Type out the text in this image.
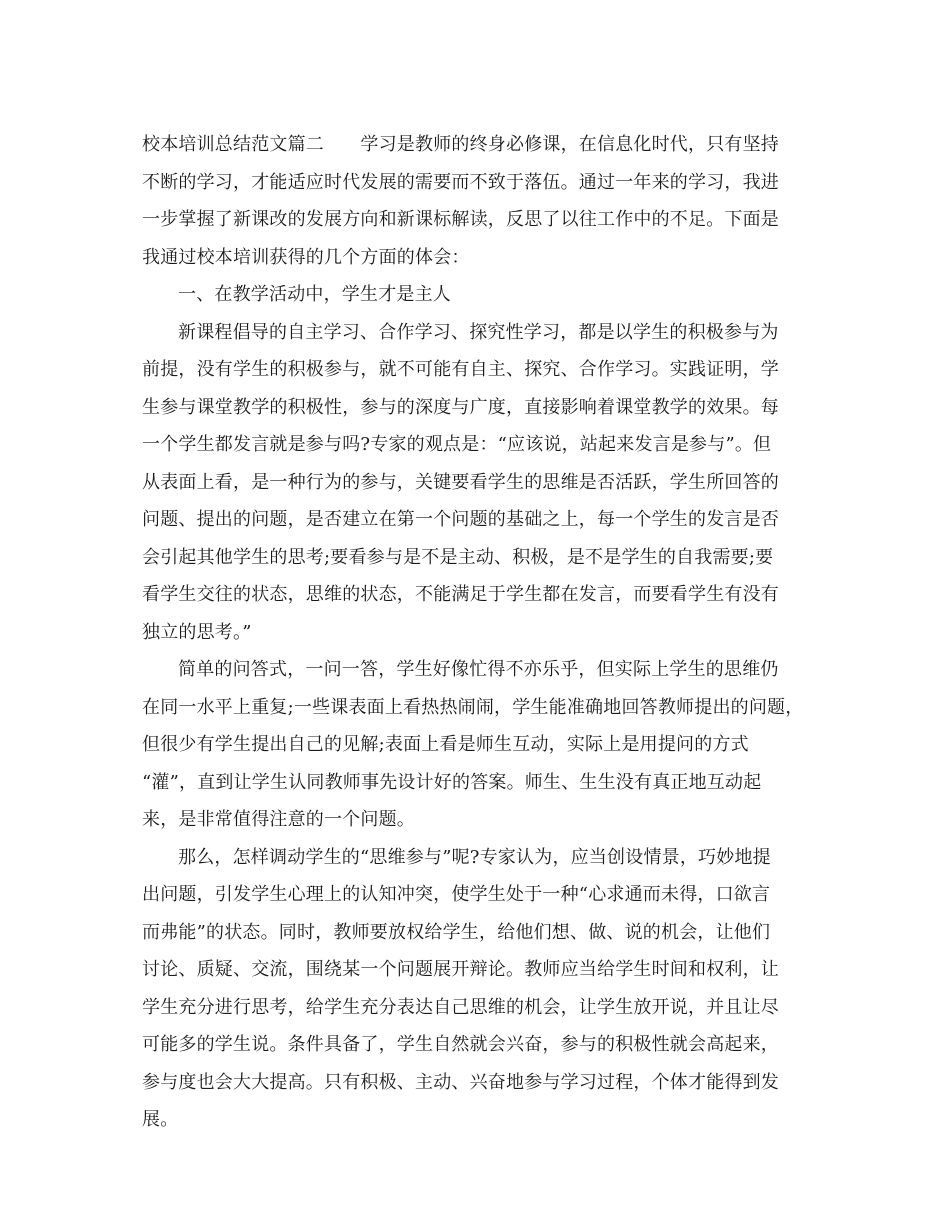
校本培训总结范文篇二　　学习是教师的终身必修课，在信息化时代，只有坚持
不断的学习，才能适应时代发展的需要而不致于落伍。通过一年来的学习，我进
一步掌握了新课改的发展方向和新课标解读，反思了以往工作中的不足。下面是
我通过校本培训获得的几个方面的体会：
一、在教学活动中，学生才是主人
新课程倡导的自主学习、合作学习、探究性学习，都是以学生的积极参与为
前提，没有学生的积极参与，就不可能有自主、探究、合作学习。实践证明，学
生参与课堂教学的积极性，参与的深度与广度，直接影响着课堂教学的效果。每
一个学生都发言就是参与吗?专家的观点是：“应该说，站起来发言是参与”。但
从表面上看，是一种行为的参与，关键要看学生的思维是否活跃，学生所回答的
问题、提出的问题，是否建立在第一个问题的基础之上，每一个学生的发言是否
会引起其他学生的思考;要看参与是不是主动、积极，是不是学生的自我需要;要
看学生交往的状态，思维的状态，不能满足于学生都在发言，而要看学生有没有
独立的思考。”
简单的问答式，一问一答，学生好像忙得不亦乐乎，但实际上学生的思维仍
在同一水平上重复;一些课表面上看热热闹闹，学生能准确地回答教师提出的问题，
但很少有学生提出自己的见解;表面上看是师生互动，实际上是用提问的方式
“灌”，直到让学生认同教师事先设计好的答案。师生、生生没有真正地互动起
来，是非常值得注意的一个问题。
那么，怎样调动学生的“思维参与”呢?专家认为，应当创设情景，巧妙地提
出问题，引发学生心理上的认知冲突，使学生处于一种“心求通而未得，口欲言
而弗能”的状态。同时，教师要放权给学生，给他们想、做、说的机会，让他们
讨论、质疑、交流，围绕某一个问题展开辩论。教师应当给学生时间和权利，让
学生充分进行思考，给学生充分表达自己思维的机会，让学生放开说，并且让尽
可能多的学生说。条件具备了，学生自然就会兴奋，参与的积极性就会高起来，
参与度也会大大提高。只有积极、主动、兴奋地参与学习过程，个体才能得到发
展。
